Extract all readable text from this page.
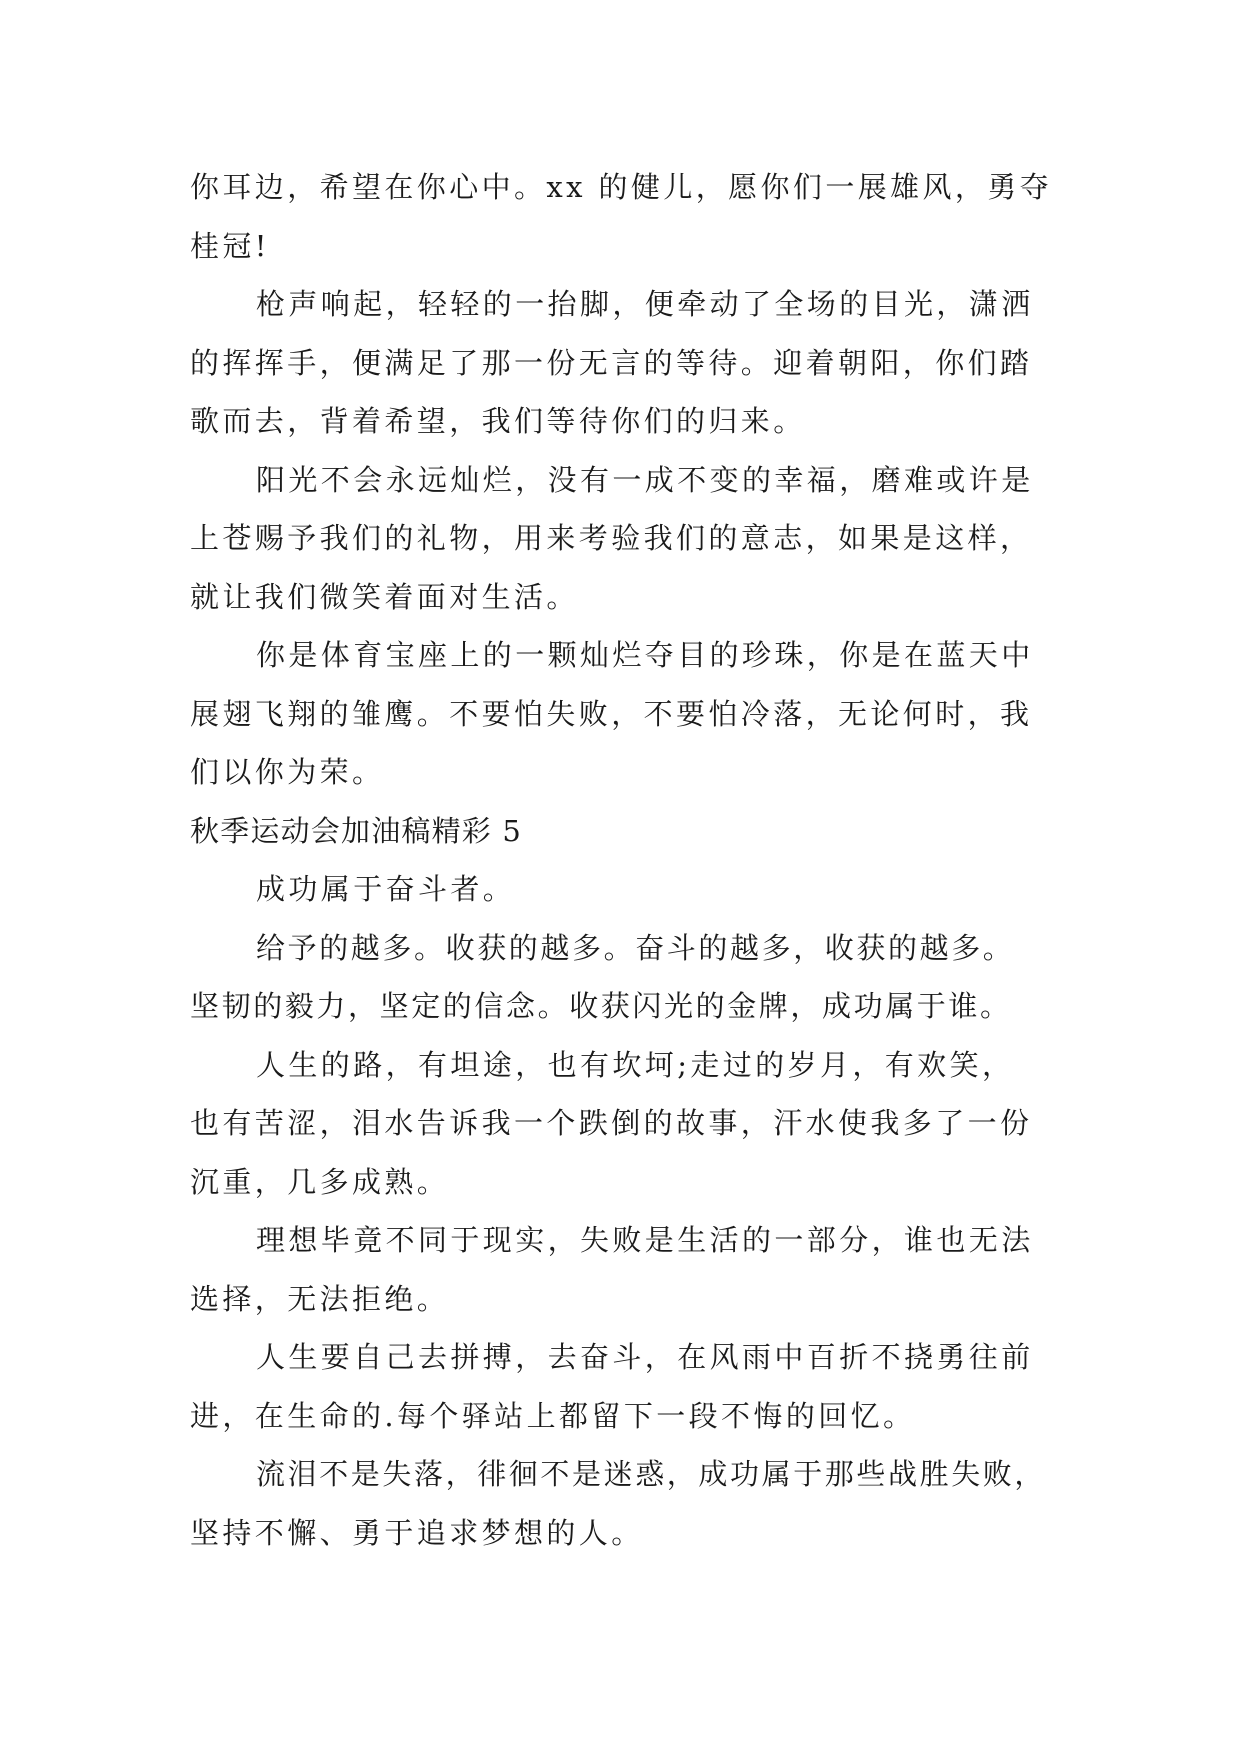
你耳边，希望在你心中。xx 的健儿，愿你们一展雄风，勇夺
桂冠!
枪声响起，轻轻的一抬脚，便牵动了全场的目光，潇洒
的挥挥手，便满足了那一份无言的等待。迎着朝阳，你们踏
歌而去，背着希望，我们等待你们的归来。
阳光不会永远灿烂，没有一成不变的幸福，磨难或许是
上苍赐予我们的礼物，用来考验我们的意志，如果是这样，
就让我们微笑着面对生活。
你是体育宝座上的一颗灿烂夺目的珍珠，你是在蓝天中
展翅飞翔的雏鹰。不要怕失败，不要怕冷落，无论何时，我
们以你为荣。
秋季运动会加油稿精彩 5
成功属于奋斗者。
给予的越多。收获的越多。奋斗的越多，收获的越多。
坚韧的毅力，坚定的信念。收获闪光的金牌，成功属于谁。
人生的路，有坦途，也有坎坷;走过的岁月，有欢笑，
也有苦涩，泪水告诉我一个跌倒的故事，汗水使我多了一份
沉重，几多成熟。
理想毕竟不同于现实，失败是生活的一部分，谁也无法
选择，无法拒绝。
人生要自己去拼搏，去奋斗，在风雨中百折不挠勇往前
进，在生命的.每个驿站上都留下一段不悔的回忆。
流泪不是失落，徘徊不是迷惑，成功属于那些战胜失败，
坚持不懈、勇于追求梦想的人。
